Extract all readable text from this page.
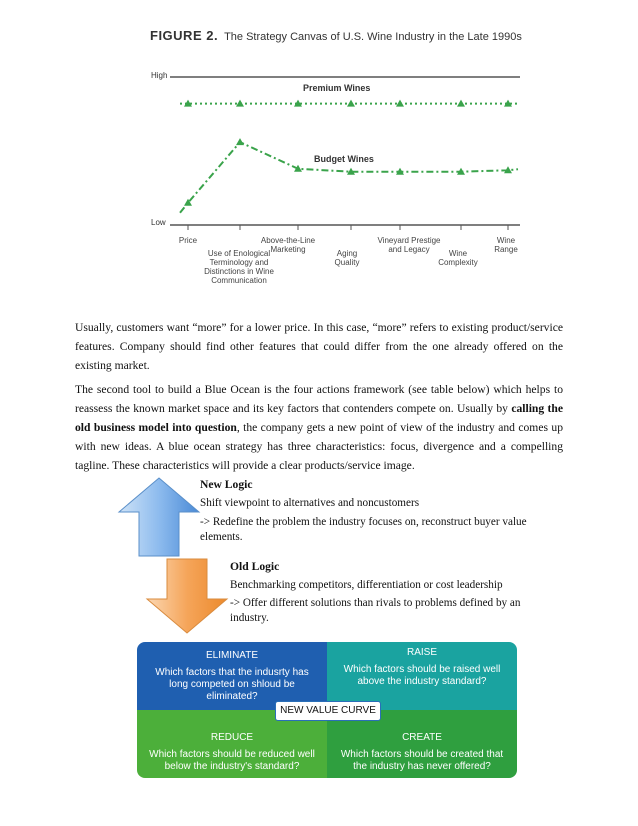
FIGURE 2. The Strategy Canvas of U.S. Wine Industry in the Late 1990s
High
Low
Premium Wines
Budget Wines
Price
Use of Enological Terminology and Distinctions in Wine Communication
Above-the-Line Marketing	Aging Quality
Vineyard Prestige and Legacy	Wine Complexity
Wine Range
Usually, customers want “more” for a lower price. In this case, “more” refers to existing product/service features. Company should find other features that could differ from the one already offered on the existing market.
The second tool to build a Blue Ocean is the four actions framework (see table below) which helps to reassess the known market space and its key factors that contenders compete on. Usually by calling the old business model into question, the company gets a new point of view of the industry and comes up with new ideas. A blue ocean strategy has three characteristics: focus, divergence and a compelling tagline. These characteristics will provide a clear products/service image.
New Logic
Shift viewpoint to alternatives and noncustomers
-> Redefine the problem the industry focuses on, reconstruct buyer value elements.
Old Logic
Benchmarking competitors, differentiation or cost leadership
-> Offer different solutions than rivals to problems defined by an industry.
ELIMINATE
Which factors that the indusrty has long competed on shloud be eliminated?
RAISE
Which factors should be raised well above the industry standard?
REDUCE
Which factors should be reduced well below the industry's standard?
CREATE
Which factors should be created that the industry has never offered?
NEW VALUE CURVE
